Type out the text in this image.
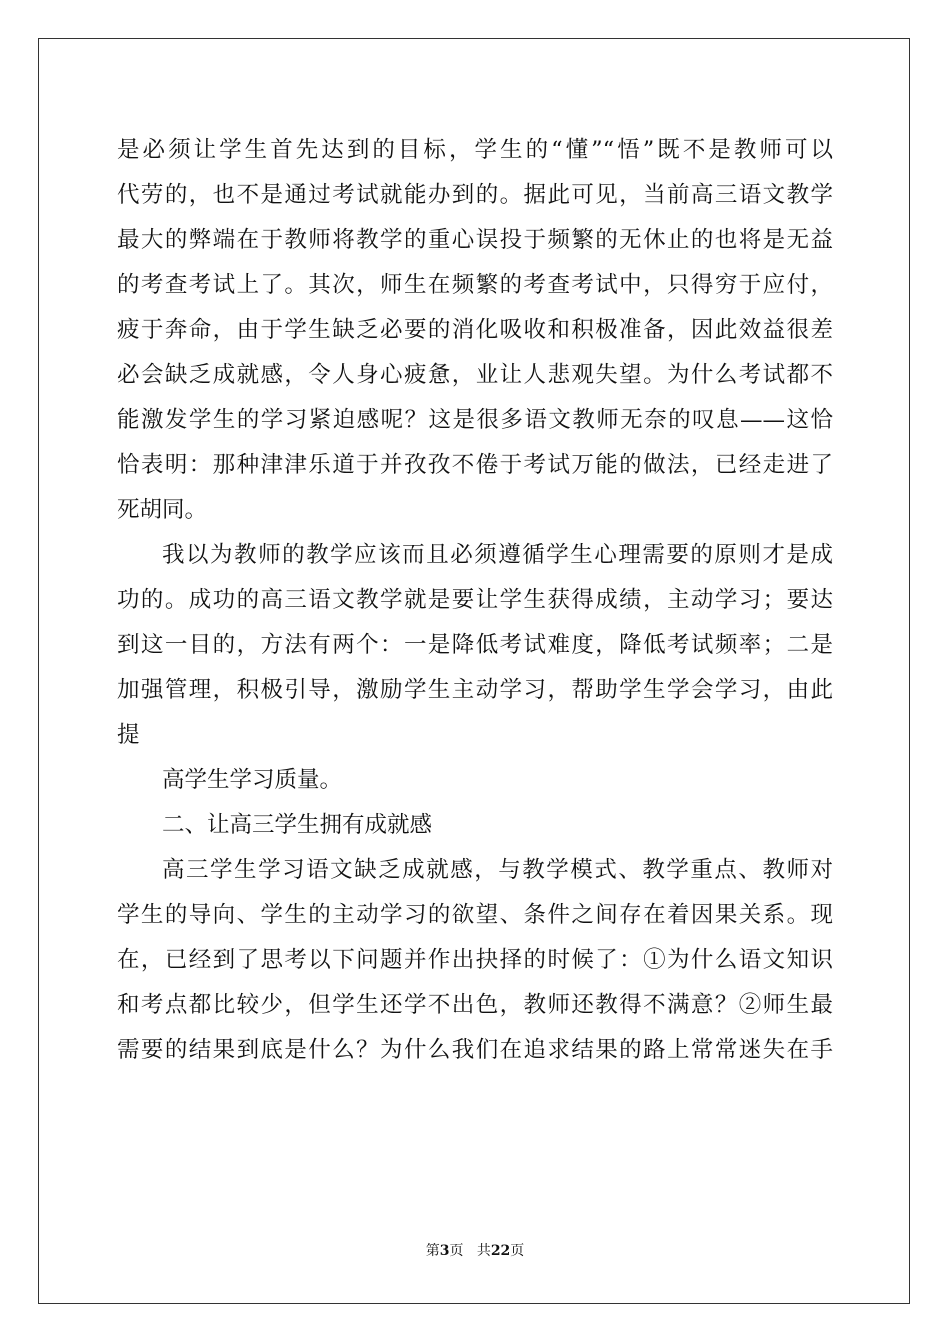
是必须让学生首先达到的目标，学生的“懂”“悟”既不是教师可以
代劳的，也不是通过考试就能办到的。据此可见，当前高三语文教学
最大的弊端在于教师将教学的重心误投于频繁的无休止的也将是无益
的考查考试上了。其次，师生在频繁的考查考试中，只得穷于应付，
疲于奔命，由于学生缺乏必要的消化吸收和积极准备，因此效益很差
必会缺乏成就感，令人身心疲惫，业让人悲观失望。为什么考试都不
能激发学生的学习紧迫感呢？这是很多语文教师无奈的叹息——这恰
恰表明：那种津津乐道于并孜孜不倦于考试万能的做法，已经走进了
死胡同。
我以为教师的教学应该而且必须遵循学生心理需要的原则才是成
功的。成功的高三语文教学就是要让学生获得成绩，主动学习；要达
到这一目的，方法有两个：一是降低考试难度，降低考试频率；二是
加强管理，积极引导，激励学生主动学习，帮助学生学会学习，由此
提
高学生学习质量。
二、让高三学生拥有成就感
高三学生学习语文缺乏成就感，与教学模式、教学重点、教师对
学生的导向、学生的主动学习的欲望、条件之间存在着因果关系。现
在，已经到了思考以下问题并作出抉择的时候了：①为什么语文知识
和考点都比较少，但学生还学不出色，教师还教得不满意？②师生最
需要的结果到底是什么？为什么我们在追求结果的路上常常迷失在手
第3页 共22页
